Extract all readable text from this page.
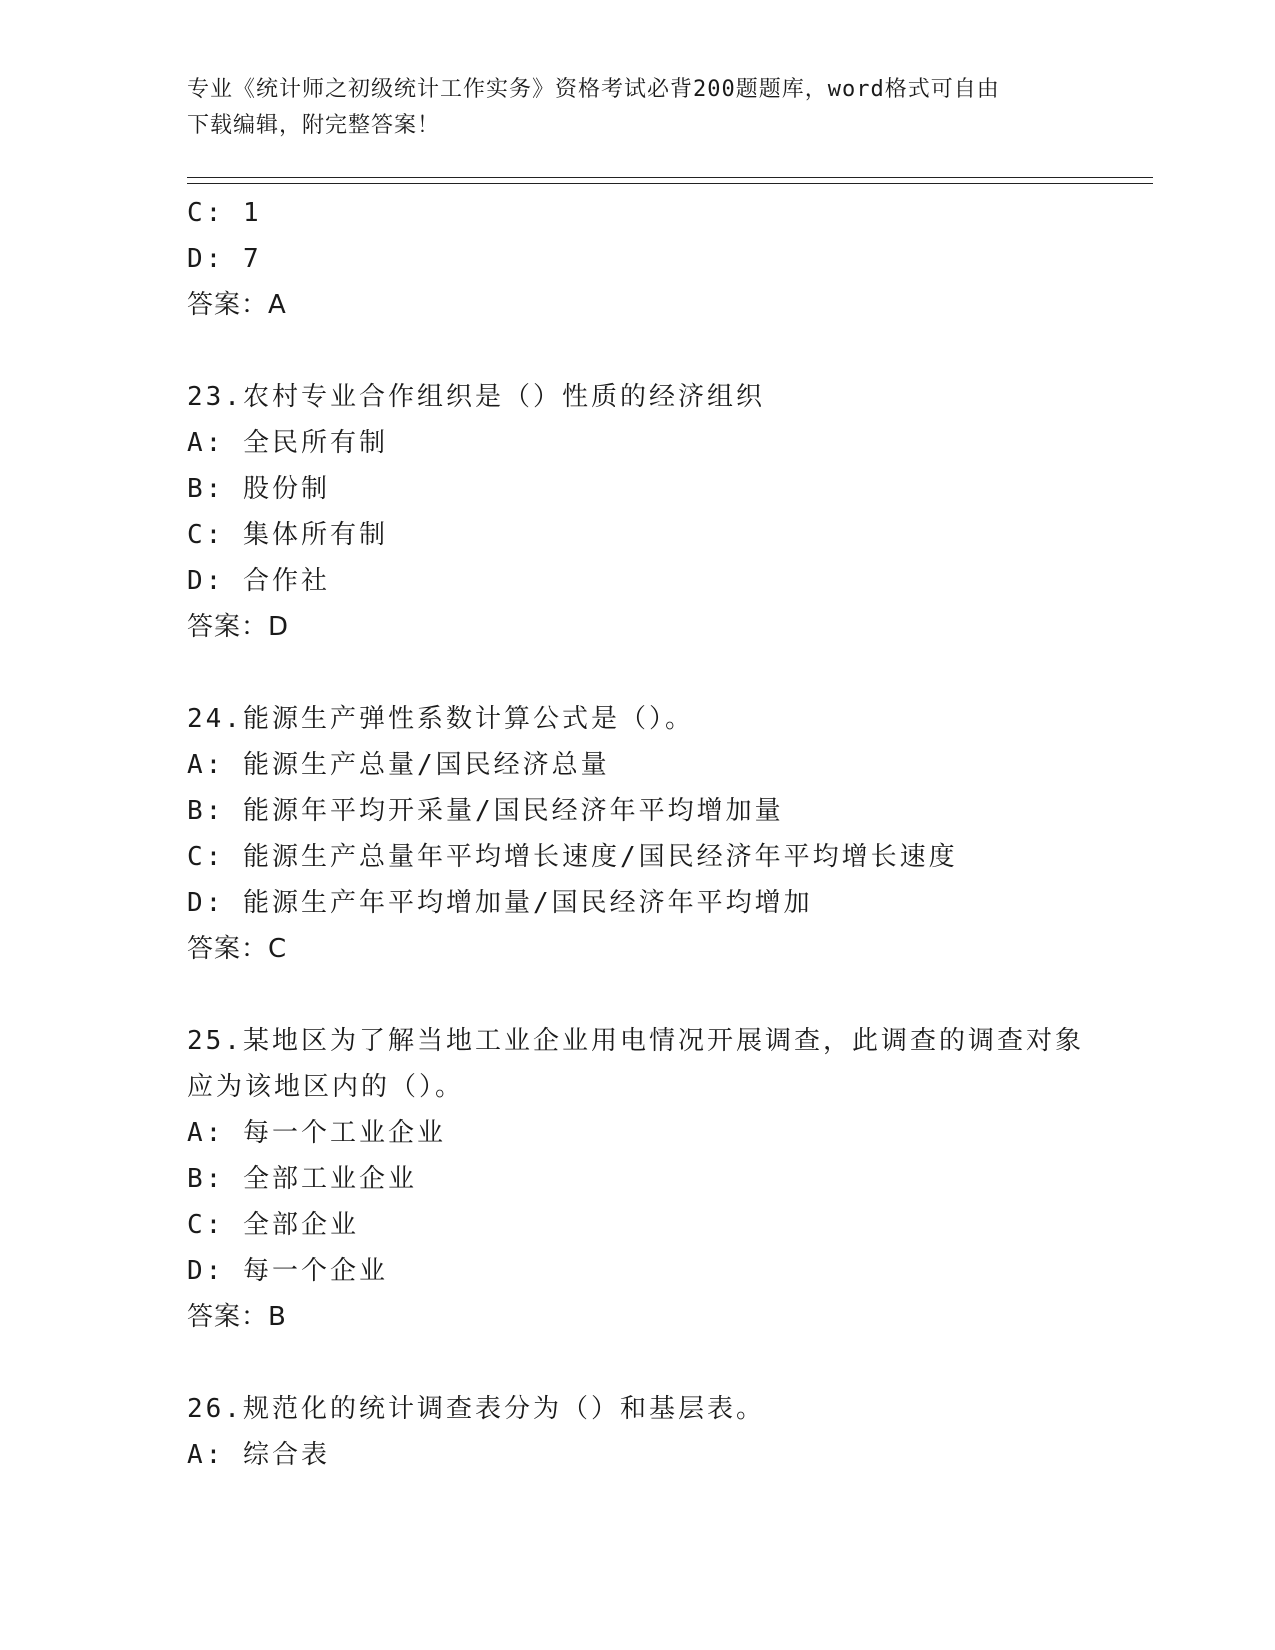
专业《统计师之初级统计工作实务》资格考试必背200题题库，word格式可自由
下载编辑，附完整答案！
C: 1
D: 7
答案：A
23.农村专业合作组织是（）性质的经济组织
A: 全民所有制
B: 股份制
C: 集体所有制
D: 合作社
答案：D
24.能源生产弹性系数计算公式是（）。
A: 能源生产总量/国民经济总量
B: 能源年平均开采量/国民经济年平均增加量
C: 能源生产总量年平均增长速度/国民经济年平均增长速度
D: 能源生产年平均增加量/国民经济年平均增加
答案：C
25.某地区为了解当地工业企业用电情况开展调查，此调查的调查对象
应为该地区内的（）。
A: 每一个工业企业
B: 全部工业企业
C: 全部企业
D: 每一个企业
答案：B
26.规范化的统计调查表分为（）和基层表。
A: 综合表
